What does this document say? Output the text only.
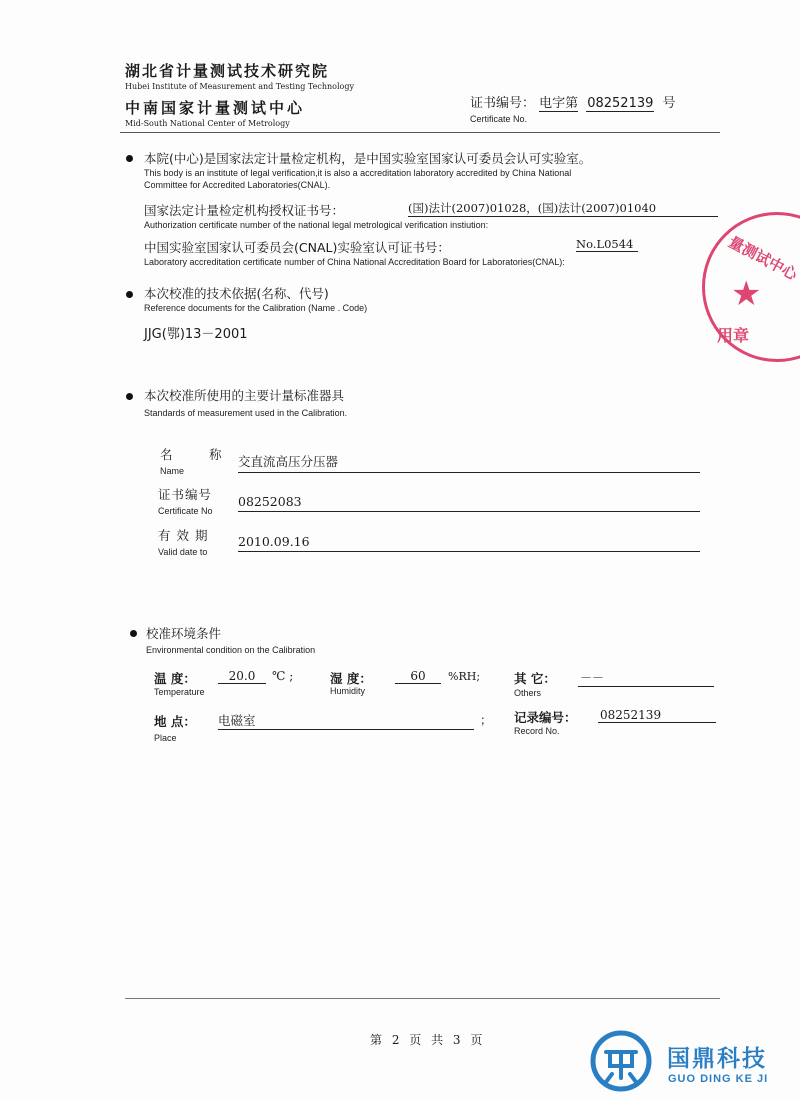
湖北省计量测试技术研究院
Hubei Institute of Measurement and Testing Technology
中南国家计量测试中心
Mid-South National Center of Metrology
证书编号： 电字第 08252139 号
Certificate No.
本院(中心)是国家法定计量检定机构，是中国实验室国家认可委员会认可实验室。
This body is an institute of legal verification,it is also a accreditation laboratory accredited by China National
Committee for Accredited Laboratories(CNAL).
国家法定计量检定机构授权证书号：	(国)法计(2007)01028，(国)法计(2007)01040
Authorization certificate number of the national legal metrological verification instiution:
中国实验室国家认可委员会(CNAL)实验室认可证书号：	No.L0544
Laboratory accreditation certificate number of China National Accreditation Board for Laboratories(CNAL):
本次校准的技术依据(名称、代号)
Reference documents for the Calibration (Name . Code)
JJG(鄂)13－2001
本次校准所使用的主要计量标准器具
Standards of measurement used in the Calibration.
名　称
Name
交直流高压分压器
证书编号
Certificate No
08252083
有效期
Valid date to
2010.09.16
校准环境条件
Environmental condition on the Calibration
温 度：
Temperature
20.0	℃ ;	湿 度：
Humidity
60	%RH;	其 它：
Others
－－
地 点：
Place
电磁室	； 记录编号：
Record No.
08252139
第 2 页 共 3 页
量测试中心
★
用章
国鼎科技
GUO DING KE JI
